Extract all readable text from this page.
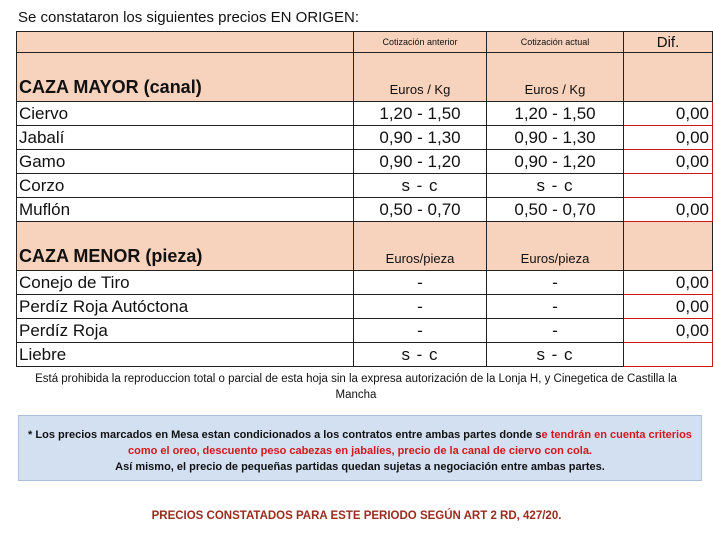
Se constataron los siguientes precios EN ORIGEN:
	Cotización anterior	Cotización actual	Dif.
CAZA MAYOR (canal)	Euros / Kg	Euros / Kg	
Ciervo	1,20 - 1,50	1,20 - 1,50	0,00
Jabalí	0,90 - 1,30	0,90 - 1,30	0,00
Gamo	0,90 - 1,20	0,90 - 1,20	0,00
Corzo	s - c	s - c	
Muflón	0,50 - 0,70	0,50 - 0,70	0,00
CAZA MENOR (pieza)	Euros/pieza	Euros/pieza	
Conejo de Tiro	-	-	0,00
Perdíz Roja Autóctona	-	-	0,00
Perdíz Roja	-	-	0,00
Liebre	s - c	s - c	
Está prohibida la reproduccion total o parcial de esta hoja sin la expresa autorización de la Lonja H, y Cinegetica de Castilla la Mancha
* Los precios marcados en Mesa estan condicionados a los contratos entre ambas partes donde se tendrán en cuenta criterios como el oreo, descuento peso cabezas en jabalíes, precio de la canal de ciervo con cola.
Así mismo, el precio de pequeñas partidas quedan sujetas a negociación entre ambas partes.
PRECIOS CONSTATADOS PARA ESTE PERIODO SEGÚN ART 2 RD, 427/20.
